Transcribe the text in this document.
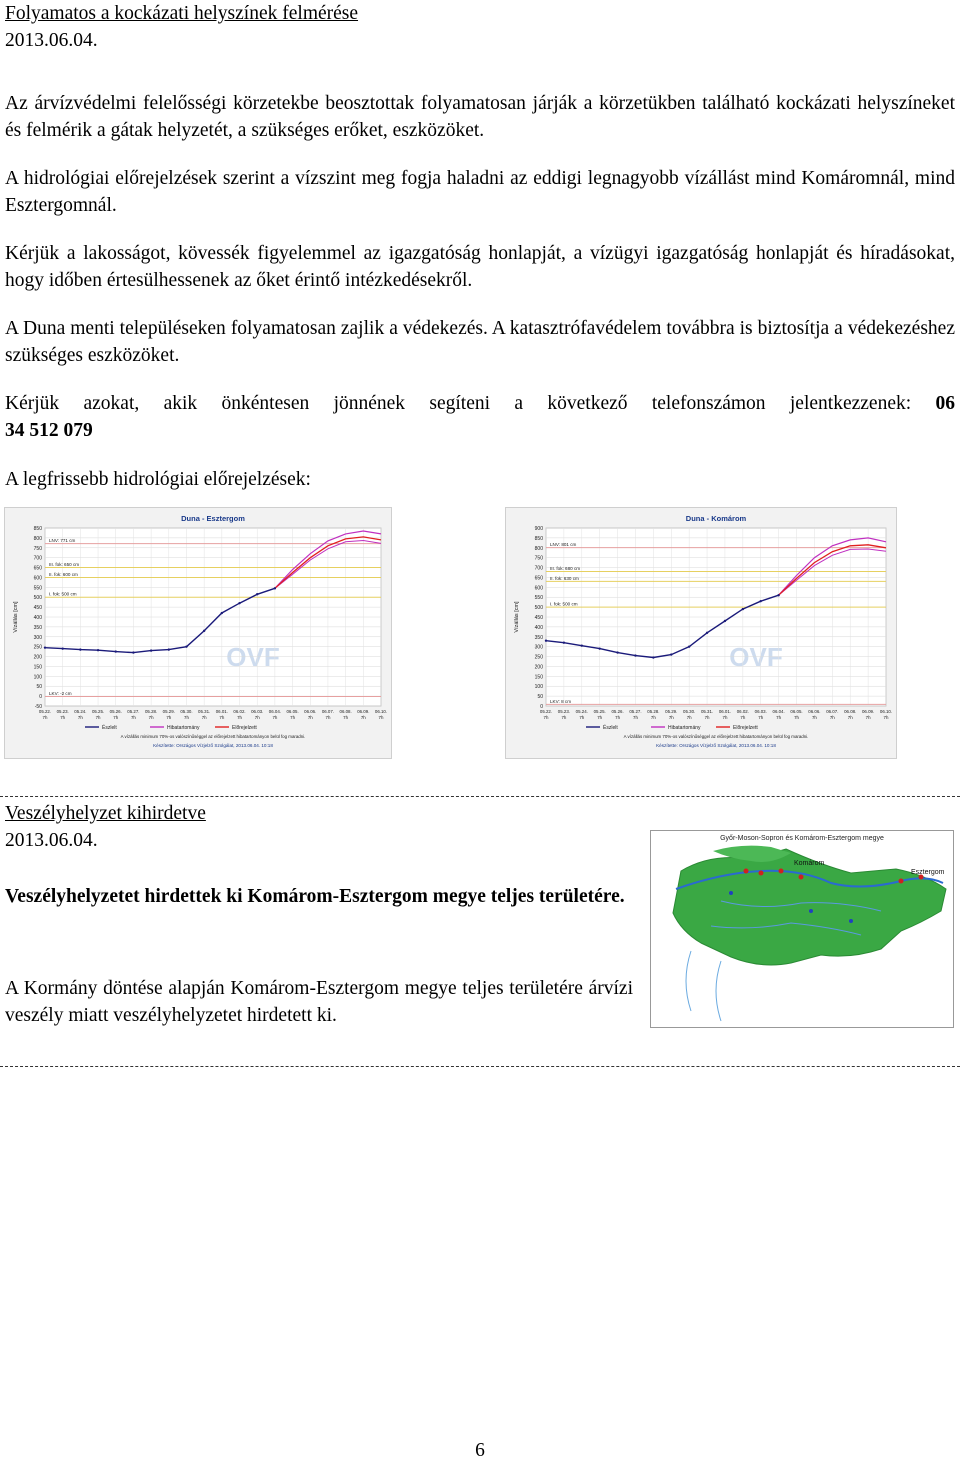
Folyamatos a kockázati helyszínek felmérése
2013.06.04.
Az árvízvédelmi felelősségi körzetekbe beosztottak folyamatosan járják a körzetükben található kockázati helyszíneket és felmérik a gátak helyzetét, a szükséges erőket, eszközöket.
A hidrológiai előrejelzések szerint a vízszint meg fogja haladni az eddigi legnagyobb vízállást mind Komáromnál, mind Esztergomnál.
Kérjük a lakosságot, kövessék figyelemmel az igazgatóság honlapját, a vízügyi igazgatóság honlapját és híradásokat, hogy időben értesülhessenek az őket érintő intézkedésekről.
A Duna menti településeken folyamatosan zajlik a védekezés. A katasztrófavédelem továbbra is biztosítja a védekezéshez szükséges eszközöket.
Kérjük azokat, akik önkéntesen jönnének segíteni a következő telefonszámon jelentkezzenek: 06
34 512 079
A legfrissebb hidrológiai előrejelzések:
Duna - Esztergom
OVF
850
800
750
700
650
600
550
500
450
400
350
300
250
200
150
100
50
0
-50
05.22.
7h
05.23.
7h
05.24.
7h
05.25.
7h
05.26.
7h
05.27.
7h
05.28.
7h
05.29.
7h
05.30.
7h
05.31.
7h
06.01.
7h
06.02.
7h
06.03.
7h
06.04.
7h
06.05.
7h
06.06.
7h
06.07.
7h
06.08.
7h
06.09.
7h
06.10.
7h
Vízállás [cm]
LNV: 771 cm
III. fok: 650 cm
II. fok: 600 cm
I. fok: 500 cm
LKV: -2 cm
Észlelt	Hibatartomány	Előrejelzett
A vízállás minimum 70%-os valószínűséggel az előrejelzett hibatartományon belül fog maradni.
Készítette: Országos Vízjelző Szolgálat, 2013.06.04. 10:18
Duna - Komárom
OVF
900
850
800
750
700
650
600
550
500
450
400
350
300
250
200
150
100
50
0
05.22.
7h
05.23.
7h
05.24.
7h
05.25.
7h
05.26.
7h
05.27.
7h
05.28.
7h
05.29.
7h
05.30.
7h
05.31.
7h
06.01.
7h
06.02.
7h
06.03.
7h
06.04.
7h
06.05.
7h
06.06.
7h
06.07.
7h
06.08.
7h
06.09.
7h
06.10.
7h
Vízállás [cm]
LNV: 801 cm
III. fok: 680 cm
II. fok: 630 cm
I. fok: 500 cm
LKV: 8 cm
Észlelt	Hibatartomány	Előrejelzett
A vízállás minimum 70%-os valószínűséggel az előrejelzett hibatartományon belül fog maradni.
Készítette: Országos Vízjelző Szolgálat, 2013.06.04. 10:18
Veszélyhelyzet kihirdetve
2013.06.04.
Veszélyhelyzetet hirdettek ki Komárom-Esztergom megye teljes területére.
A Kormány döntése alapján Komárom-Esztergom megye teljes területére árvízi veszély miatt veszélyhelyzetet hirdetett ki.
Győr-Moson-Sopron és Komárom-Esztergom megye
Komárom
Esztergom
6
